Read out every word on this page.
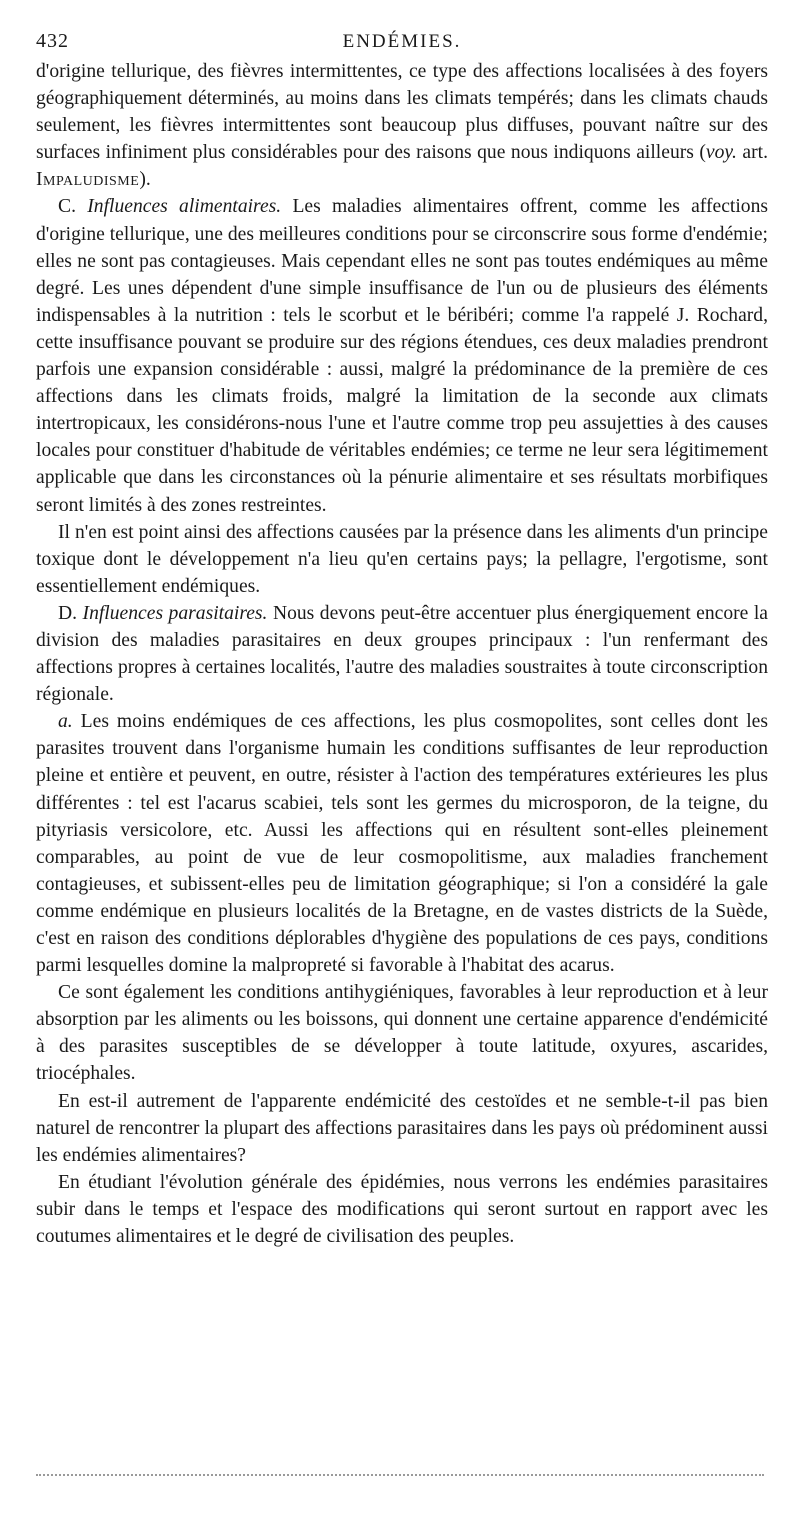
432	ENDÉMIES.

d'origine tellurique, des fièvres intermittentes, ce type des affections localisées à des foyers géographiquement déterminés, au moins dans les climats tempérés; dans les climats chauds seulement, les fièvres intermittentes sont beaucoup plus diffuses, pouvant naître sur des surfaces infiniment plus considérables pour des raisons que nous indiquons ailleurs (voy. art. Impaludisme).

C. Influences alimentaires. Les maladies alimentaires offrent, comme les affections d'origine tellurique, une des meilleures conditions pour se circonscrire sous forme d'endémie; elles ne sont pas contagieuses. Mais cependant elles ne sont pas toutes endémiques au même degré. Les unes dépendent d'une simple insuffisance de l'un ou de plusieurs des éléments indispensables à la nutrition : tels le scorbut et le béribéri; comme l'a rappelé J. Rochard, cette insuffisance pouvant se produire sur des régions étendues, ces deux maladies prendront parfois une expansion considérable : aussi, malgré la prédominance de la première de ces affections dans les climats froids, malgré la limitation de la seconde aux climats intertropicaux, les considérons-nous l'une et l'autre comme trop peu assujetties à des causes locales pour constituer d'habitude de véritables endémies; ce terme ne leur sera légitimement applicable que dans les circonstances où la pénurie alimentaire et ses résultats morbifiques seront limités à des zones restreintes.

Il n'en est point ainsi des affections causées par la présence dans les aliments d'un principe toxique dont le développement n'a lieu qu'en certains pays; la pellagre, l'ergotisme, sont essentiellement endémiques.

D. Influences parasitaires. Nous devons peut-être accentuer plus énergiquement encore la division des maladies parasitaires en deux groupes principaux : l'un renfermant des affections propres à certaines localités, l'autre des maladies soustraites à toute circonscription régionale.

a. Les moins endémiques de ces affections, les plus cosmopolites, sont celles dont les parasites trouvent dans l'organisme humain les conditions suffisantes de leur reproduction pleine et entière et peuvent, en outre, résister à l'action des températures extérieures les plus différentes : tel est l'acarus scabiei, tels sont les germes du microsporon, de la teigne, du pityriasis versicolore, etc. Aussi les affections qui en résultent sont-elles pleinement comparables, au point de vue de leur cosmopolitisme, aux maladies franchement contagieuses, et subissent-elles peu de limitation géographique; si l'on a considéré la gale comme endémique en plusieurs localités de la Bretagne, en de vastes districts de la Suède, c'est en raison des conditions déplorables d'hygiène des populations de ces pays, conditions parmi lesquelles domine la malpropreté si favorable à l'habitat des acarus.

Ce sont également les conditions antihygiéniques, favorables à leur reproduction et à leur absorption par les aliments ou les boissons, qui donnent une certaine apparence d'endémicité à des parasites susceptibles de se développer à toute latitude, oxyures, ascarides, triocéphales.

En est-il autrement de l'apparente endémicité des cestoïdes et ne semble-t-il pas bien naturel de rencontrer la plupart des affections parasitaires dans les pays où prédominent aussi les endémies alimentaires?

En étudiant l'évolution générale des épidémies, nous verrons les endémies parasitaires subir dans le temps et l'espace des modifications qui seront surtout en rapport avec les coutumes alimentaires et le degré de civilisation des peuples.
